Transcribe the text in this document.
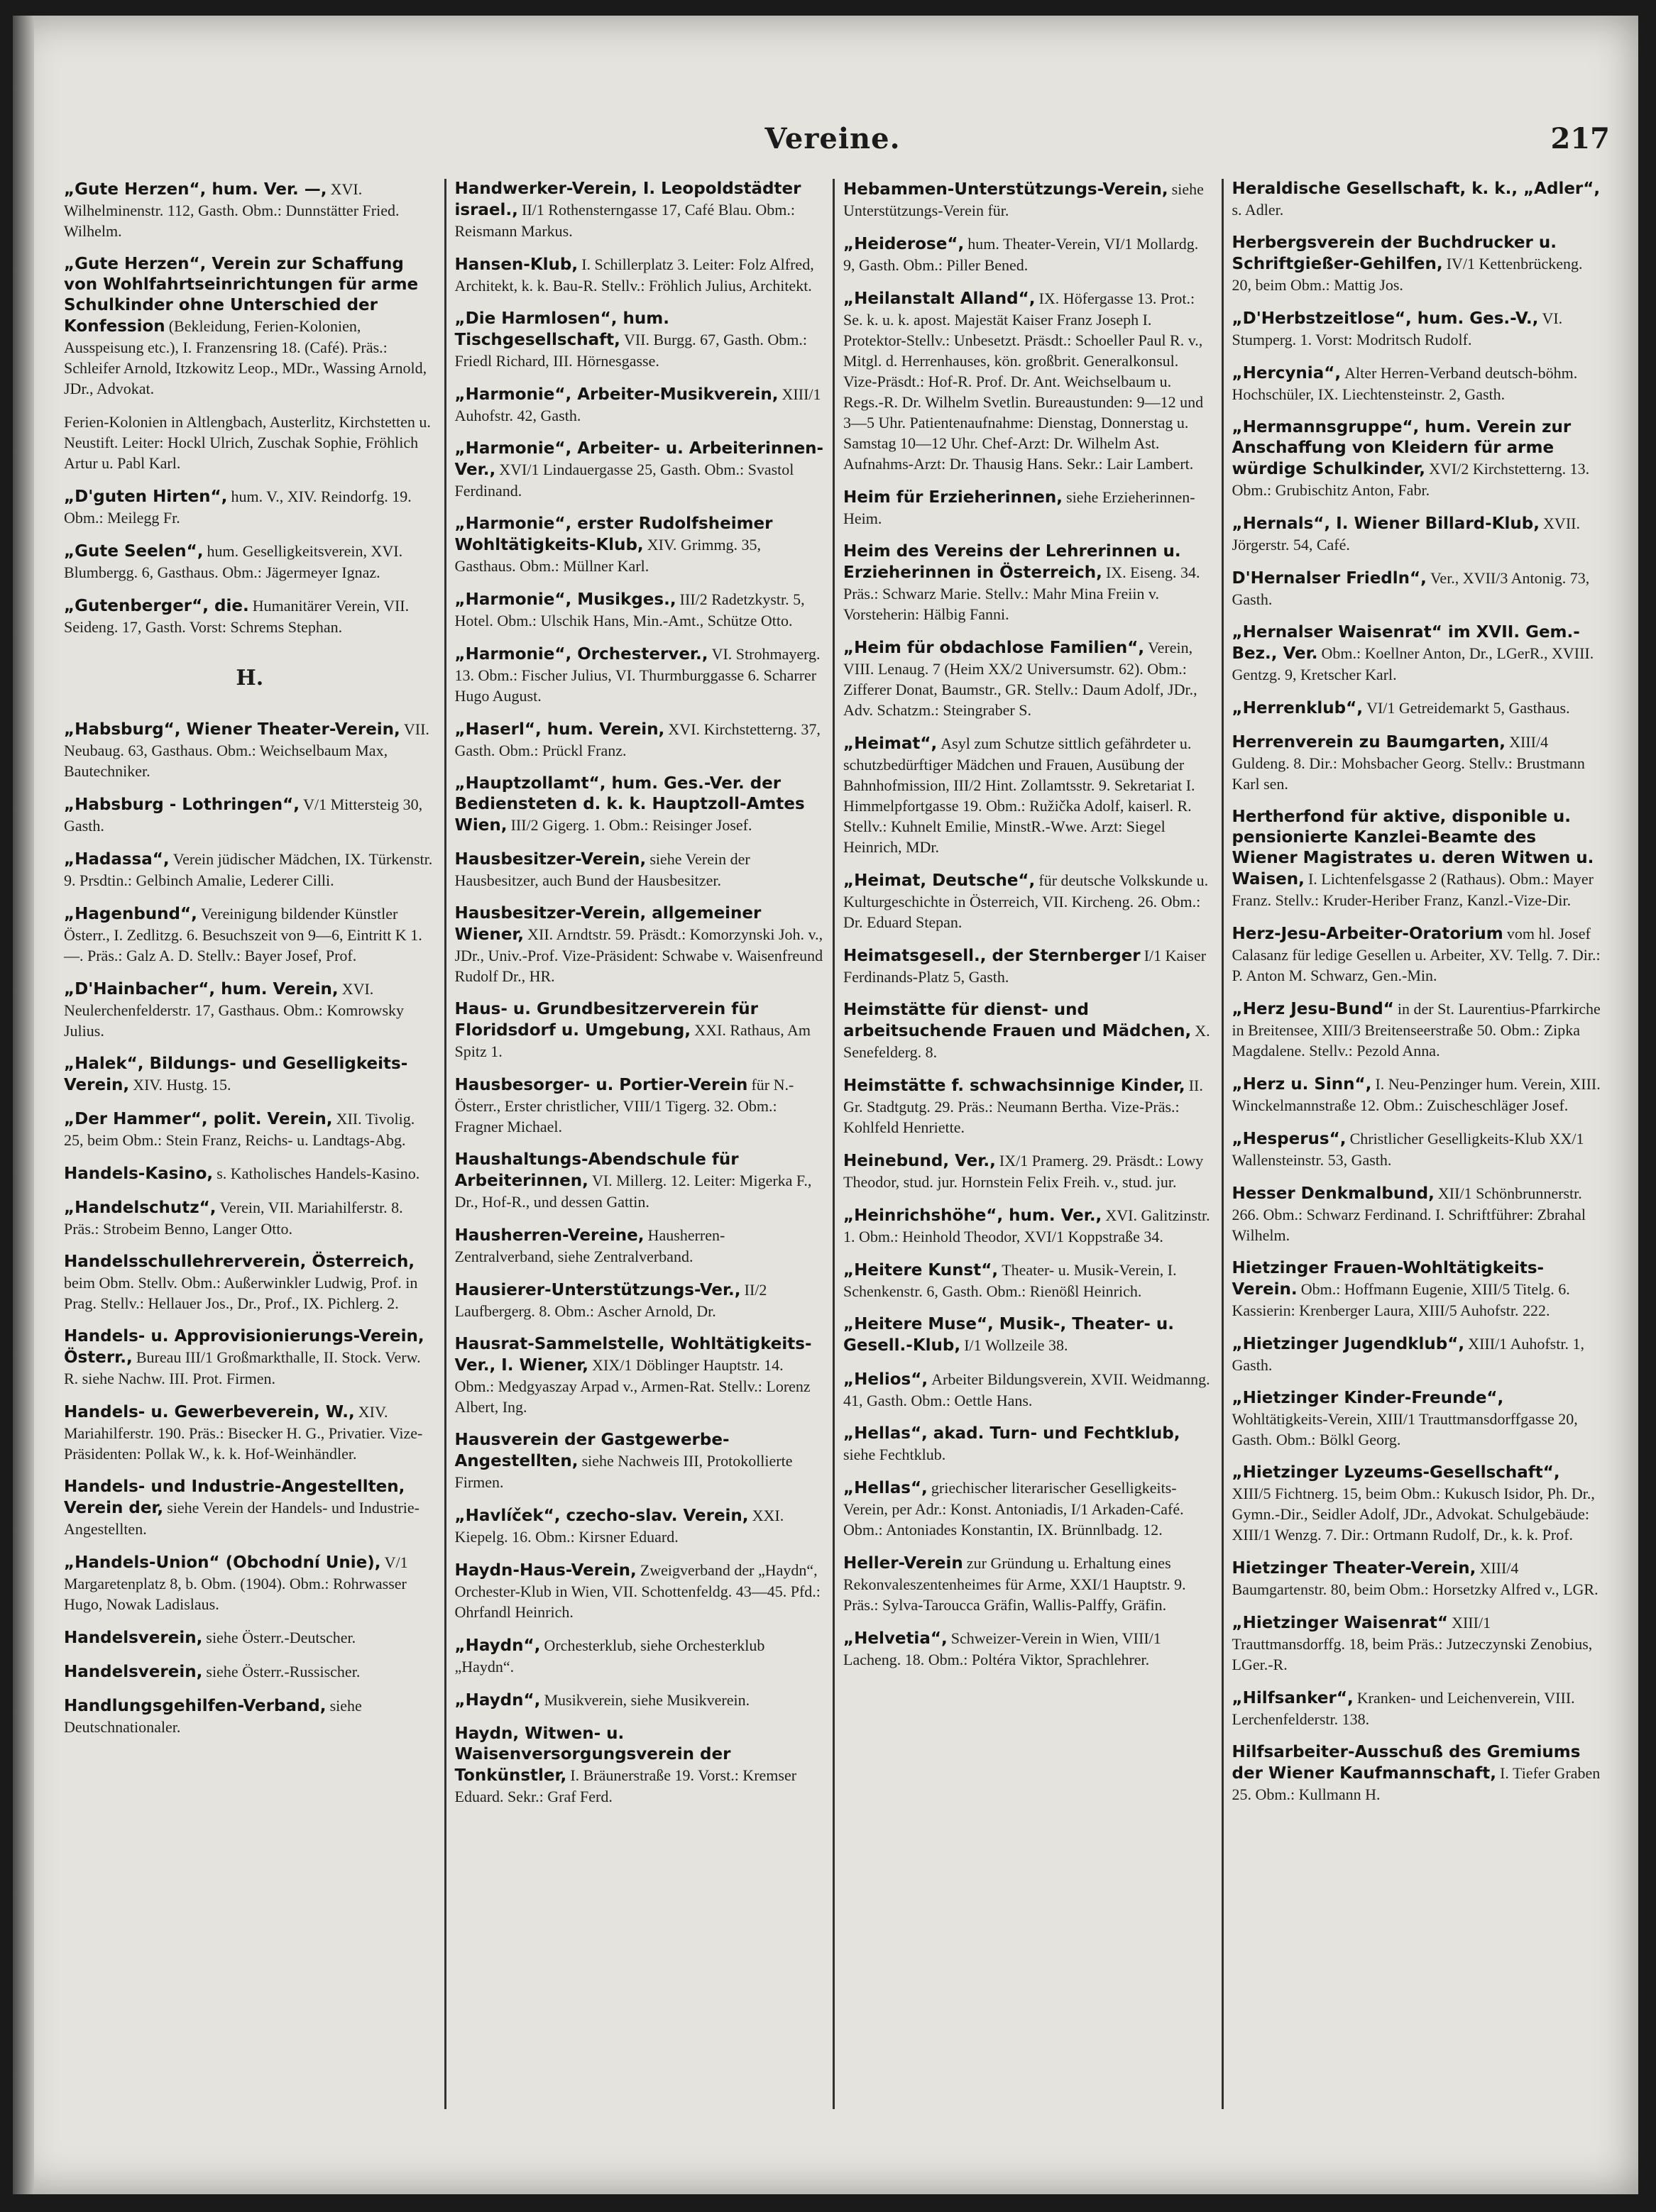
Vereine.	217
„Gute Herzen“, hum. Ver. —, XVI. Wilhelminenstr. 112, Gasth. Obm.: Dunnstätter Fried. Wilhelm.
„Gute Herzen“, Verein zur Schaffung von Wohlfahrtseinrichtungen für arme Schulkinder ohne Unterschied der Konfession (Bekleidung, Ferien-Kolonien, Ausspeisung etc.), I. Franzensring 18. (Café). Präs.: Schleifer Arnold, Itzkowitz Leop., MDr., Wassing Arnold, JDr., Advokat.
Ferien-Kolonien in Altlengbach, Austerlitz, Kirchstetten u. Neustift. Leiter: Hockl Ulrich, Zuschak Sophie, Fröhlich Artur u. Pabl Karl.
„D'guten Hirten“, hum. V., XIV. Reindorfg. 19. Obm.: Meilegg Fr.
„Gute Seelen“, hum. Geselligkeitsverein, XVI. Blumbergg. 6, Gasthaus. Obm.: Jägermeyer Ignaz.
„Gutenberger“, die. Humanitärer Verein, VII. Seideng. 17, Gasth. Vorst: Schrems Stephan.
H.
„Habsburg“, Wiener Theater-Verein, VII. Neubaug. 63, Gasthaus. Obm.: Weichselbaum Max, Bautechniker.
„Habsburg - Lothringen“, V/1 Mittersteig 30, Gasth.
„Hadassa“, Verein jüdischer Mädchen, IX. Türkenstr. 9. Prsdtin.: Gelbinch Amalie, Lederer Cilli.
„Hagenbund“, Vereinigung bildender Künstler Österr., I. Zedlitzg. 6. Besuchszeit von 9—6, Eintritt K 1.—. Präs.: Galz A. D. Stellv.: Bayer Josef, Prof.
„D'Hainbacher“, hum. Verein, XVI. Neulerchenfelderstr. 17, Gasthaus. Obm.: Komrowsky Julius.
„Halek“, Bildungs- und Geselligkeits-Verein, XIV. Hustg. 15.
„Der Hammer“, polit. Verein, XII. Tivolig. 25, beim Obm.: Stein Franz, Reichs- u. Landtags-Abg.
Handels-Kasino, s. Katholisches Handels-Kasino.
„Handelschutz“, Verein, VII. Mariahilferstr. 8. Präs.: Strobeim Benno, Langer Otto.
Handelsschullehrerverein, Österreich, beim Obm. Stellv. Obm.: Außerwinkler Ludwig, Prof. in Prag. Stellv.: Hellauer Jos., Dr., Prof., IX. Pichlerg. 2.
Handels- u. Approvisionierungs-Verein, Österr., Bureau III/1 Großmarkthalle, II. Stock. Verw. R. siehe Nachw. III. Prot. Firmen.
Handels- u. Gewerbeverein, W., XIV. Mariahilferstr. 190. Präs.: Bisecker H. G., Privatier. Vize-Präsidenten: Pollak W., k. k. Hof-Weinhändler.
Handels- und Industrie-Angestellten, Verein der, siehe Verein der Handels- und Industrie-Angestellten.
„Handels-Union“ (Obchodní Unie), V/1 Margaretenplatz 8, b. Obm. (1904). Obm.: Rohrwasser Hugo, Nowak Ladislaus.
Handelsverein, siehe Österr.-Deutscher.
Handelsverein, siehe Österr.-Russischer.
Handlungsgehilfen-Verband, siehe Deutschnationaler.
Handwerker-Verein, I. Leopoldstädter israel., II/1 Rothensterngasse 17, Café Blau. Obm.: Reismann Markus.
Hansen-Klub, I. Schillerplatz 3. Leiter: Folz Alfred, Architekt, k. k. Bau-R. Stellv.: Fröhlich Julius, Architekt.
„Die Harmlosen“, hum. Tischgesellschaft, VII. Burgg. 67, Gasth. Obm.: Friedl Richard, III. Hörnesgasse.
„Harmonie“, Arbeiter-Musikverein, XIII/1 Auhofstr. 42, Gasth.
„Harmonie“, Arbeiter- u. Arbeiterinnen-Ver., XVI/1 Lindauergasse 25, Gasth. Obm.: Svastol Ferdinand.
„Harmonie“, erster Rudolfsheimer Wohltätigkeits-Klub, XIV. Grimmg. 35, Gasthaus. Obm.: Müllner Karl.
„Harmonie“, Musikges., III/2 Radetzkystr. 5, Hotel. Obm.: Ulschik Hans, Min.-Amt., Schütze Otto.
„Harmonie“, Orchesterver., VI. Strohmayerg. 13. Obm.: Fischer Julius, VI. Thurmburggasse 6. Scharrer Hugo August.
„Haserl“, hum. Verein, XVI. Kirchstetterng. 37, Gasth. Obm.: Prückl Franz.
„Hauptzollamt“, hum. Ges.-Ver. der Bediensteten d. k. k. Hauptzoll-Amtes Wien, III/2 Gigerg. 1. Obm.: Reisinger Josef.
Hausbesitzer-Verein, siehe Verein der Hausbesitzer, auch Bund der Hausbesitzer.
Hausbesitzer-Verein, allgemeiner Wiener, XII. Arndtstr. 59. Präsdt.: Komorzynski Joh. v., JDr., Univ.-Prof. Vize-Präsident: Schwabe v. Waisenfreund Rudolf Dr., HR.
Haus- u. Grundbesitzerverein für Floridsdorf u. Umgebung, XXI. Rathaus, Am Spitz 1.
Hausbesorger- u. Portier-Verein für N.-Österr., Erster christlicher, VIII/1 Tigerg. 32. Obm.: Fragner Michael.
Haushaltungs-Abendschule für Arbeiterinnen, VI. Millerg. 12. Leiter: Migerka F., Dr., Hof-R., und dessen Gattin.
Hausherren-Vereine, Hausherren-Zentralverband, siehe Zentralverband.
Hausierer-Unterstützungs-Ver., II/2 Laufbergerg. 8. Obm.: Ascher Arnold, Dr.
Hausrat-Sammelstelle, Wohltätigkeits-Ver., I. Wiener, XIX/1 Döblinger Hauptstr. 14. Obm.: Medgyaszay Arpad v., Armen-Rat. Stellv.: Lorenz Albert, Ing.
Hausverein der Gastgewerbe-Angestellten, siehe Nachweis III, Protokollierte Firmen.
„Havlíček“, czecho-slav. Verein, XXI. Kiepelg. 16. Obm.: Kirsner Eduard.
Haydn-Haus-Verein, Zweigverband der „Haydn“, Orchester-Klub in Wien, VII. Schottenfeldg. 43—45. Pfd.: Ohrfandl Heinrich.
„Haydn“, Orchesterklub, siehe Orchesterklub „Haydn“.
„Haydn“, Musikverein, siehe Musikverein.
Haydn, Witwen- u. Waisenversorgungsverein der Tonkünstler, I. Bräunerstraße 19. Vorst.: Kremser Eduard. Sekr.: Graf Ferd.
Hebammen-Unterstützungs-Verein, siehe Unterstützungs-Verein für.
„Heiderose“, hum. Theater-Verein, VI/1 Mollardg. 9, Gasth. Obm.: Piller Bened.
„Heilanstalt Alland“, IX. Höfergasse 13. Prot.: Se. k. u. k. apost. Majestät Kaiser Franz Joseph I. Protektor-Stellv.: Unbesetzt. Präsdt.: Schoeller Paul R. v., Mitgl. d. Herrenhauses, kön. großbrit. Generalkonsul. Vize-Präsdt.: Hof-R. Prof. Dr. Ant. Weichselbaum u. Regs.-R. Dr. Wilhelm Svetlin. Bureaustunden: 9—12 und 3—5 Uhr. Patientenaufnahme: Dienstag, Donnerstag u. Samstag 10—12 Uhr. Chef-Arzt: Dr. Wilhelm Ast. Aufnahms-Arzt: Dr. Thausig Hans. Sekr.: Lair Lambert.
Heim für Erzieherinnen, siehe Erzieherinnen-Heim.
Heim des Vereins der Lehrerinnen u. Erzieherinnen in Österreich, IX. Eiseng. 34. Präs.: Schwarz Marie. Stellv.: Mahr Mina Freiin v. Vorsteherin: Hälbig Fanni.
„Heim für obdachlose Familien“, Verein, VIII. Lenaug. 7 (Heim XX/2 Universumstr. 62). Obm.: Zifferer Donat, Baumstr., GR. Stellv.: Daum Adolf, JDr., Adv. Schatzm.: Steingraber S.
„Heimat“, Asyl zum Schutze sittlich gefährdeter u. schutzbedürftiger Mädchen und Frauen, Ausübung der Bahnhofmission, III/2 Hint. Zollamtsstr. 9. Sekretariat I. Himmelpfortgasse 19. Obm.: Ružička Adolf, kaiserl. R. Stellv.: Kuhnelt Emilie, MinstR.-Wwe. Arzt: Siegel Heinrich, MDr.
„Heimat, Deutsche“, für deutsche Volkskunde u. Kulturgeschichte in Österreich, VII. Kircheng. 26. Obm.: Dr. Eduard Stepan.
Heimatsgesell., der Sternberger I/1 Kaiser Ferdinands-Platz 5, Gasth.
Heimstätte für dienst- und arbeitsuchende Frauen und Mädchen, X. Senefelderg. 8.
Heimstätte f. schwachsinnige Kinder, II. Gr. Stadtgutg. 29. Präs.: Neumann Bertha. Vize-Präs.: Kohlfeld Henriette.
Heinebund, Ver., IX/1 Pramerg. 29. Präsdt.: Lowy Theodor, stud. jur. Hornstein Felix Freih. v., stud. jur.
„Heinrichshöhe“, hum. Ver., XVI. Galitzinstr. 1. Obm.: Heinhold Theodor, XVI/1 Koppstraße 34.
„Heitere Kunst“, Theater- u. Musik-Verein, I. Schenkenstr. 6, Gasth. Obm.: Rienößl Heinrich.
„Heitere Muse“, Musik-, Theater- u. Gesell.-Klub, I/1 Wollzeile 38.
„Helios“, Arbeiter Bildungsverein, XVII. Weidmanng. 41, Gasth. Obm.: Oettle Hans.
„Hellas“, akad. Turn- und Fechtklub, siehe Fechtklub.
„Hellas“, griechischer literarischer Geselligkeits-Verein, per Adr.: Konst. Antoniadis, I/1 Arkaden-Café. Obm.: Antoniades Konstantin, IX. Brünnlbadg. 12.
Heller-Verein zur Gründung u. Erhaltung eines Rekonvaleszentenheimes für Arme, XXI/1 Hauptstr. 9. Präs.: Sylva-Taroucca Gräfin, Wallis-Palffy, Gräfin.
„Helvetia“, Schweizer-Verein in Wien, VIII/1 Lacheng. 18. Obm.: Poltéra Viktor, Sprachlehrer.
Heraldische Gesellschaft, k. k., „Adler“, s. Adler.
Herbergsverein der Buchdrucker u. Schriftgießer-Gehilfen, IV/1 Kettenbrückeng. 20, beim Obm.: Mattig Jos.
„D'Herbstzeitlose“, hum. Ges.-V., VI. Stumperg. 1. Vorst: Modritsch Rudolf.
„Hercynia“, Alter Herren-Verband deutsch-böhm. Hochschüler, IX. Liechtensteinstr. 2, Gasth.
„Hermannsgruppe“, hum. Verein zur Anschaffung von Kleidern für arme würdige Schulkinder, XVI/2 Kirchstetterng. 13. Obm.: Grubischitz Anton, Fabr.
„Hernals“, I. Wiener Billard-Klub, XVII. Jörgerstr. 54, Café.
D'Hernalser Friedln“, Ver., XVII/3 Antonig. 73, Gasth.
„Hernalser Waisenrat“ im XVII. Gem.-Bez., Ver. Obm.: Koellner Anton, Dr., LGerR., XVIII. Gentzg. 9, Kretscher Karl.
„Herrenklub“, VI/1 Getreidemarkt 5, Gasthaus.
Herrenverein zu Baumgarten, XIII/4 Guldeng. 8. Dir.: Mohsbacher Georg. Stellv.: Brustmann Karl sen.
Hertherfond für aktive, disponible u. pensionierte Kanzlei-Beamte des Wiener Magistrates u. deren Witwen u. Waisen, I. Lichtenfelsgasse 2 (Rathaus). Obm.: Mayer Franz. Stellv.: Kruder-Heriber Franz, Kanzl.-Vize-Dir.
Herz-Jesu-Arbeiter-Oratorium vom hl. Josef Calasanz für ledige Gesellen u. Arbeiter, XV. Tellg. 7. Dir.: P. Anton M. Schwarz, Gen.-Min.
„Herz Jesu-Bund“ in der St. Laurentius-Pfarrkirche in Breitensee, XIII/3 Breitenseerstraße 50. Obm.: Zipka Magdalene. Stellv.: Pezold Anna.
„Herz u. Sinn“, I. Neu-Penzinger hum. Verein, XIII. Winckelmannstraße 12. Obm.: Zuischeschläger Josef.
„Hesperus“, Christlicher Geselligkeits-Klub XX/1 Wallensteinstr. 53, Gasth.
Hesser Denkmalbund, XII/1 Schönbrunnerstr. 266. Obm.: Schwarz Ferdinand. I. Schriftführer: Zbrahal Wilhelm.
Hietzinger Frauen-Wohltätigkeits-Verein. Obm.: Hoffmann Eugenie, XIII/5 Titelg. 6. Kassierin: Krenberger Laura, XIII/5 Auhofstr. 222.
„Hietzinger Jugendklub“, XIII/1 Auhofstr. 1, Gasth.
„Hietzinger Kinder-Freunde“, Wohltätigkeits-Verein, XIII/1 Trauttmansdorffgasse 20, Gasth. Obm.: Bölkl Georg.
„Hietzinger Lyzeums-Gesellschaft“, XIII/5 Fichtnerg. 15, beim Obm.: Kukusch Isidor, Ph. Dr., Gymn.-Dir., Seidler Adolf, JDr., Advokat. Schulgebäude: XIII/1 Wenzg. 7. Dir.: Ortmann Rudolf, Dr., k. k. Prof.
Hietzinger Theater-Verein, XIII/4 Baumgartenstr. 80, beim Obm.: Horsetzky Alfred v., LGR.
„Hietzinger Waisenrat“ XIII/1 Trauttmansdorffg. 18, beim Präs.: Jutzeczynski Zenobius, LGer.-R.
„Hilfsanker“, Kranken- und Leichenverein, VIII. Lerchenfelderstr. 138.
Hilfsarbeiter-Ausschuß des Gremiums der Wiener Kaufmannschaft, I. Tiefer Graben 25. Obm.: Kullmann H.
